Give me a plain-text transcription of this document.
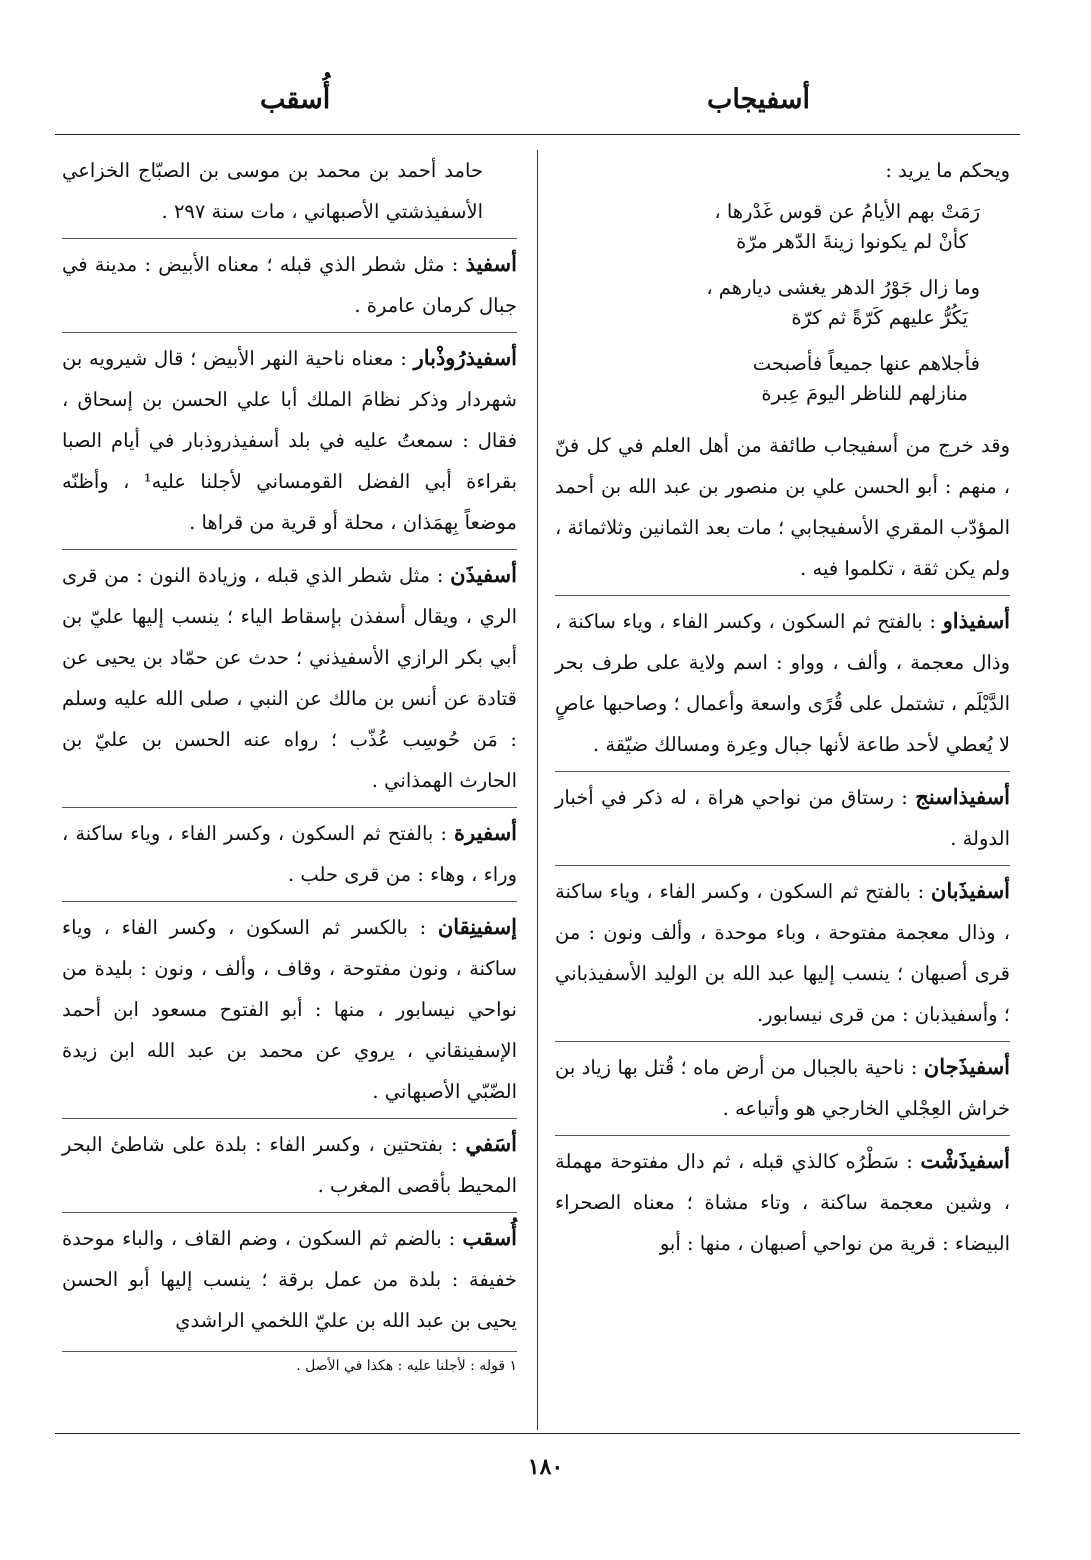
أسفيجاب
أُسقب

ويحكم ما يريد :

رَمَتْ بهم الأيامُ عن قوس غَدْرها ،
كأنْ لم يكونوا زينةَ الدّهر مرّة
وما زال جَوْرُ الدهر يغشى ديارهم ،
يَكُرُّ عليهم كَرّةً ثم كرّة
فأجلاهم عنها جميعاً فأصبحت
منازلهم للناظر اليومَ عِبرة

وقد خرج من أسفيجاب طائفة من أهل العلم في كل فنّ ، منهم : أبو الحسن علي بن منصور بن عبد الله بن أحمد المؤدّب المقري الأسفيجابي ؛ مات بعد الثمانين وثلاثمائة ، ولم يكن ثقة ، تكلموا فيه .

أسفيذاو : بالفتح ثم السكون ، وكسر الفاء ، وياء ساكنة ، وذال معجمة ، وألف ، وواو : اسم ولاية على طرف بحر الدَّيْلَم ، تشتمل على قُرًى واسعة وأعمال ؛ وصاحبها عاصٍ لا يُعطي لأحد طاعة لأنها جبال وعِرة ومسالك ضيّقة .
أسفيذاسنج : رستاق من نواحي هراة ، له ذكر في أخبار الدولة .
أسفيذَبان : بالفتح ثم السكون ، وكسر الفاء ، وياء ساكنة ، وذال معجمة مفتوحة ، وباء موحدة ، وألف ونون : من قرى أصبهان ؛ ينسب إليها عبد الله بن الوليد الأسفيذباني ؛ وأسفيذبان : من قرى نيسابور.
أسفيذَجان : ناحية بالجبال من أرض ماه ؛ قُتل بها زياد بن خراش العِجْلي الخارجي هو وأتباعه .
أسفيذَشْت : سَطْرُه كالذي قبله ، ثم دال مفتوحة مهملة ، وشين معجمة ساكنة ، وتاء مشاة ؛ معناه الصحراء البيضاء : قرية من نواحي أصبهان ، منها : أبو
حامد أحمد بن محمد بن موسى بن الصبّاج الخزاعي الأسفيذشتي الأصبهاني ، مات سنة ٢٩٧ .
أسفيذ : مثل شطر الذي قبله ؛ معناه الأبيض : مدينة في جبال كرمان عامرة .
أسفيذرُوذْبار : معناه ناحية النهر الأبيض ؛ قال شيرويه بن شهردار وذكر نظامَ الملك أبا علي الحسن بن إسحاق ، فقال : سمعتُ عليه في بلد أسفيذروذبار في أيام الصبا بقراءة أبي الفضل القومساني لأجلنا عليه¹ ، وأظنّه موضعاً بِهمَذان ، محلة أو قرية من قراها .
أسفيذَن : مثل شطر الذي قبله ، وزيادة النون : من قرى الري ، ويقال أسفذن بإسقاط الياء ؛ ينسب إليها عليّ بن أبي بكر الرازي الأسفيذني ؛ حدث عن حمّاد بن يحيى عن قتادة عن أنس بن مالك عن النبي ، صلى الله عليه وسلم : مَن حُوسِب عُذّب ؛ رواه عنه الحسن بن عليّ بن الحارث الهمذاني .
أسفيرة : بالفتح ثم السكون ، وكسر الفاء ، وياء ساكنة ، وراء ، وهاء : من قرى حلب .
إسفينِقان : بالكسر ثم السكون ، وكسر الفاء ، وياء ساكنة ، ونون مفتوحة ، وقاف ، وألف ، ونون : بليدة من نواحي نيسابور ، منها : أبو الفتوح مسعود ابن أحمد الإسفينقاني ، يروي عن محمد بن عبد الله ابن زيدة الضّبّي الأصبهاني .
أسَفي : بفتحتين ، وكسر الفاء : بلدة على شاطئ البحر المحيط بأقصى المغرب .
أُسقب : بالضم ثم السكون ، وضم القاف ، والباء موحدة خفيفة : بلدة من عمل برقة ؛ ينسب إليها أبو الحسن يحيى بن عبد الله بن عليّ اللخمي الراشدي

١ قوله : لأجلنا عليه : هكذا في الأصل .

١٨٠
